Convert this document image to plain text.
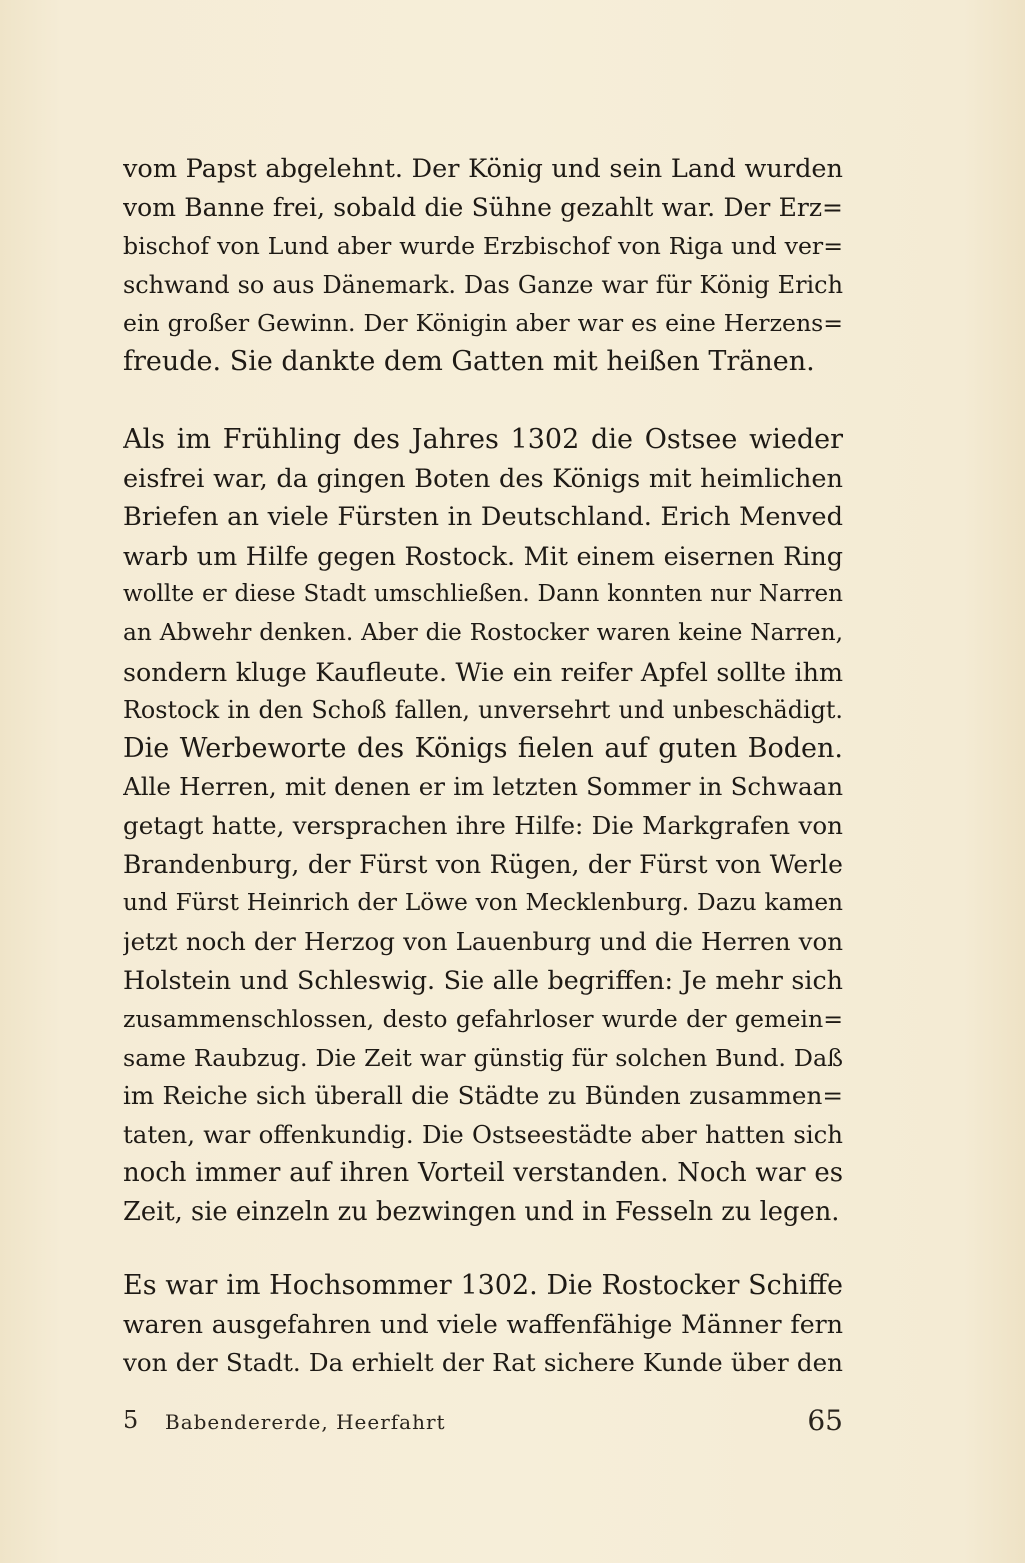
vom Papst abgelehnt. Der König und sein Land wurden
vom Banne frei, sobald die Sühne gezahlt war. Der Erz=
bischof von Lund aber wurde Erzbischof von Riga und ver=
schwand so aus Dänemark. Das Ganze war für König Erich
ein großer Gewinn. Der Königin aber war es eine Herzens=
freude. Sie dankte dem Gatten mit heißen Tränen.
Als im Frühling des Jahres 1302 die Ostsee wieder
eisfrei war, da gingen Boten des Königs mit heimlichen
Briefen an viele Fürsten in Deutschland. Erich Menved
warb um Hilfe gegen Rostock. Mit einem eisernen Ring
wollte er diese Stadt umschließen. Dann konnten nur Narren
an Abwehr denken. Aber die Rostocker waren keine Narren,
sondern kluge Kaufleute. Wie ein reifer Apfel sollte ihm
Rostock in den Schoß fallen, unversehrt und unbeschädigt.
Die Werbeworte des Königs fielen auf guten Boden.
Alle Herren, mit denen er im letzten Sommer in Schwaan
getagt hatte, versprachen ihre Hilfe: Die Markgrafen von
Brandenburg, der Fürst von Rügen, der Fürst von Werle
und Fürst Heinrich der Löwe von Mecklenburg. Dazu kamen
jetzt noch der Herzog von Lauenburg und die Herren von
Holstein und Schleswig. Sie alle begriffen: Je mehr sich
zusammenschlossen, desto gefahrloser wurde der gemein=
same Raubzug. Die Zeit war günstig für solchen Bund. Daß
im Reiche sich überall die Städte zu Bünden zusammen=
taten, war offenkundig. Die Ostseestädte aber hatten sich
noch immer auf ihren Vorteil verstanden. Noch war es
Zeit, sie einzeln zu bezwingen und in Fesseln zu legen.
Es war im Hochsommer 1302. Die Rostocker Schiffe
waren ausgefahren und viele waffenfähige Männer fern
von der Stadt. Da erhielt der Rat sichere Kunde über den
5 Babendererde, Heerfahrt	65
